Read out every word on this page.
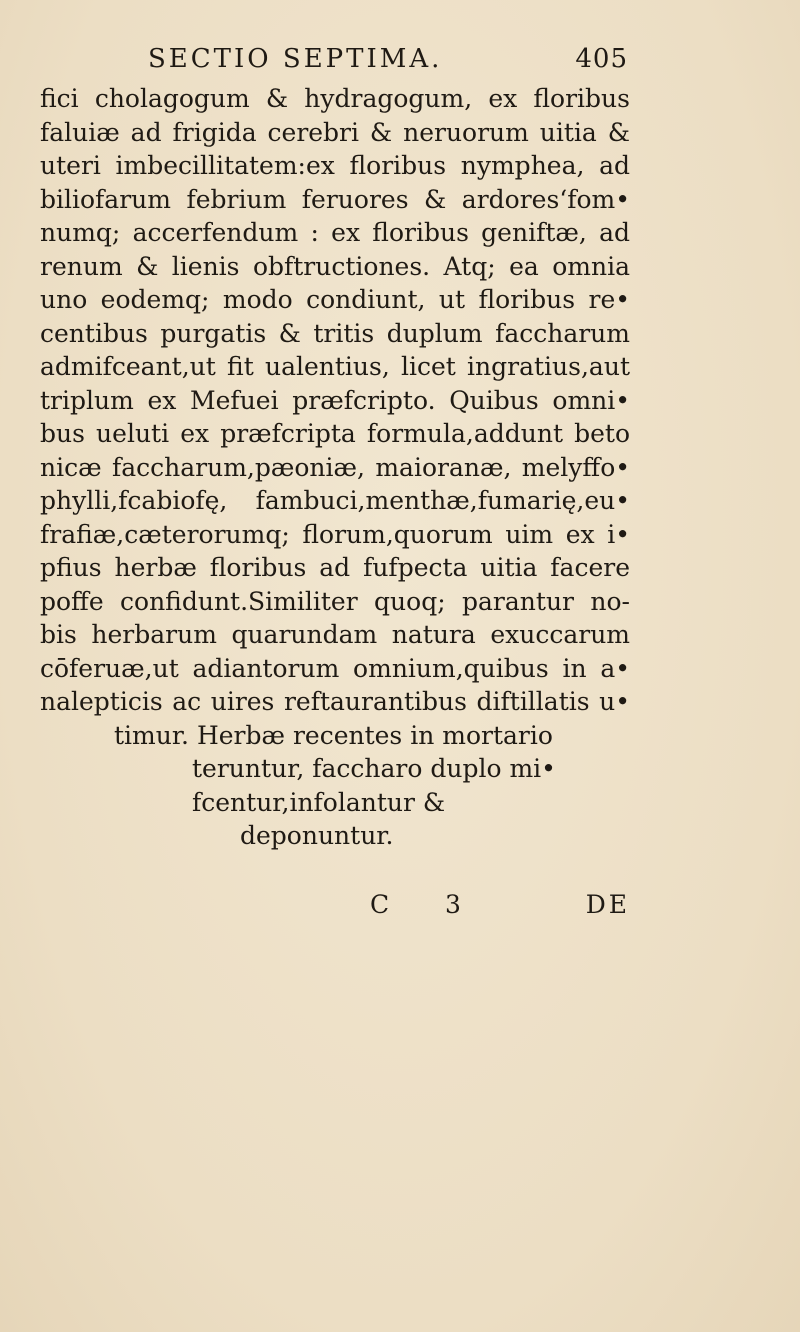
SECTIO SEPTIMA.	405
fici cholagogum & hydragogum, ex floribus
faluiæ ad frigida cerebri & neruorum uitia &
uteri imbecillitatem:ex floribus nymphea, ad
biliofarum febrium feruores & ardores‘fom•
numq; accerfendum : ex floribus geniftæ, ad
renum & lienis obftructiones. Atq; ea omnia
uno eodemq; modo condiunt, ut floribus re•
centibus purgatis & tritis duplum faccharum
admifceant,ut fit ualentius, licet ingratius,aut
triplum ex Mefuei præfcripto. Quibus omni•
bus ueluti ex præfcripta formula,addunt beto
nicæ faccharum,pæoniæ, maioranæ, melyffo•
phylli,fcabiofę, fambuci,menthæ,fumarię,eu•
frafiæ,cæterorumq; florum,quorum uim ex i•
pfius herbæ floribus ad fufpecta uitia facere
poffe confidunt.Similiter quoq; parantur no-
bis herbarum quarundam natura exuccarum
cōferuæ,ut adiantorum omnium,quibus in a•
nalepticis ac uires reftaurantibus diftillatis u•
timur. Herbæ recentes in mortario
teruntur, faccharo duplo mi•
fcentur,infolantur &
deponuntur.
C 3	DE
